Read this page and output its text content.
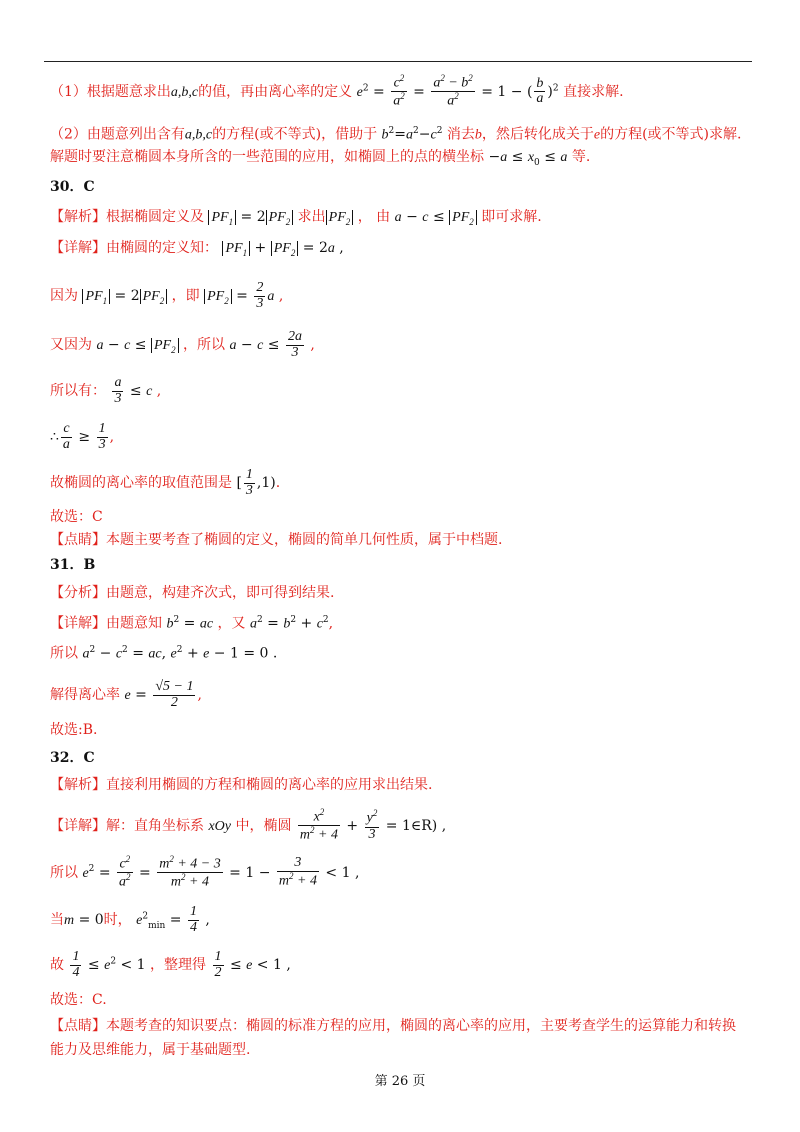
（1）根据题意求出a,b,c的值，再由离心率的定义 $e^2 = \frac{c^2}{a^2} = \frac{a^2 - b^2}{a^2} = 1$ − ( $\frac{b}{a} )^2$ 直接求解.
（2）由题意列出含有a,b,c的方程(或不等式)，借助于 $b^2=a^2-c^2$ 消去b，然后转化成关于e的方程(或不等式)求解.
解题时要注意椭圆本身所含的一些范围的应用，如椭圆上的点的横坐标 $-a \le x_0 \le a$ 等.
30．C
【解析】根据椭圆定义及 $PF_1 = 2$ $PF_2$ 求出 $PF_2$ ， 由 $a - c \le PF_2$ 即可求解.
【详解】由椭圆的定义知： $PF_1 + PF_2 = 2a$ ,
因为 $PF_1 = 2$ $PF_2$ ，即 $PF_2 = \frac{2}{3}$ a ,
又因为 $a - c \le PF_2$ ，所以 $a - c \le \frac{2a}{3}$ ,
所以有： $\frac{a}{3} \le c$ ,
∴ $\frac{c}{a} \ge \frac{1}{3}$ ,
故椭圆的离心率的取值范围是 [ $\frac{1}{3} ,1$).
故选：C
【点睛】本题主要考查了椭圆的定义，椭圆的简单几何性质，属于中档题.
31．B
【分析】由题意，构建齐次式，即可得到结果.
【详解】由题意知 $b^2$ = ac ，又 $a^2 = b^2 + c^2$,
所以 $a^2 - c^2$ = ac, $e^2 + e - 1 = 0$ .
解得离心率 $e = \frac{√5 - 1}{2}$ ,
故选:B.
32．C
【解析】直接利用椭圆的方程和椭圆的离心率的应用求出结果.
【详解】解：直角坐标系 xOy 中，椭圆 $\frac{x^2}{m^2 + 4} + \frac{y^2}{3}$ = 1∈R) ,
所以 $e^2 = \frac{c^2}{a^2} = \frac{m^2 + 4 - 3}{m^2 + 4} = 1 - \frac{3}{m^2 + 4} < 1$ ,
当m = 0时， $e^2_{min} = \frac{1}{4}$ ,
故 $\frac{1}{4} \le e^2 < 1$ ，整理得 $\frac{1}{2} \le e < 1$ ,
故选：C.
【点睛】本题考查的知识要点：椭圆的标准方程的应用，椭圆的离心率的应用，主要考查学生的运算能力和转换
能力及思维能力，属于基础题型.
第 26 页
